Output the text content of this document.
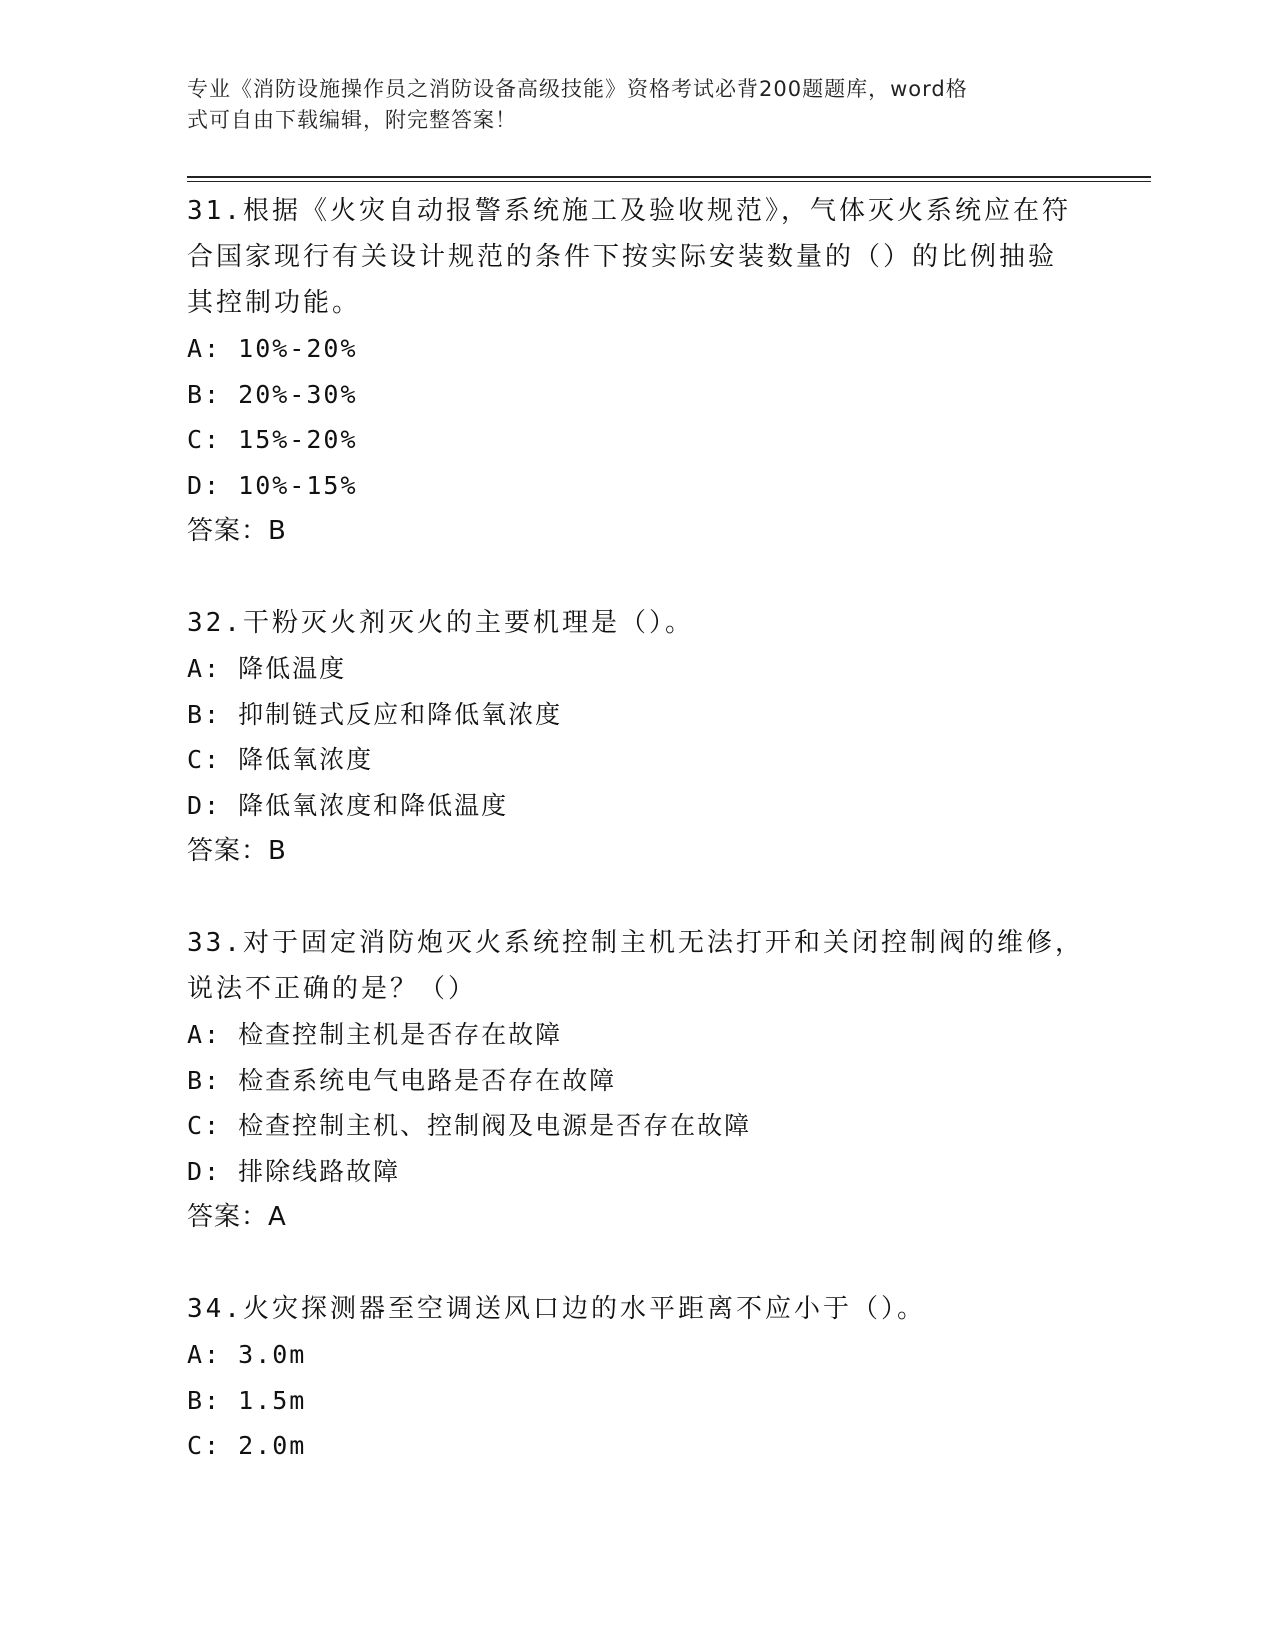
专业《消防设施操作员之消防设备高级技能》资格考试必背200题题库，word格
式可自由下载编辑，附完整答案！
31.根据《火灾自动报警系统施工及验收规范》，气体灭火系统应在符
合国家现行有关设计规范的条件下按实际安装数量的（）的比例抽验
其控制功能。
A: 10%-20%
B: 20%-30%
C: 15%-20%
D: 10%-15%
答案：B
32.干粉灭火剂灭火的主要机理是（）。
A: 降低温度
B: 抑制链式反应和降低氧浓度
C: 降低氧浓度
D: 降低氧浓度和降低温度
答案：B
33.对于固定消防炮灭火系统控制主机无法打开和关闭控制阀的维修，
说法不正确的是？（）
A: 检查控制主机是否存在故障
B: 检查系统电气电路是否存在故障
C: 检查控制主机、控制阀及电源是否存在故障
D: 排除线路故障
答案：A
34.火灾探测器至空调送风口边的水平距离不应小于（）。
A: 3.0m
B: 1.5m
C: 2.0m
